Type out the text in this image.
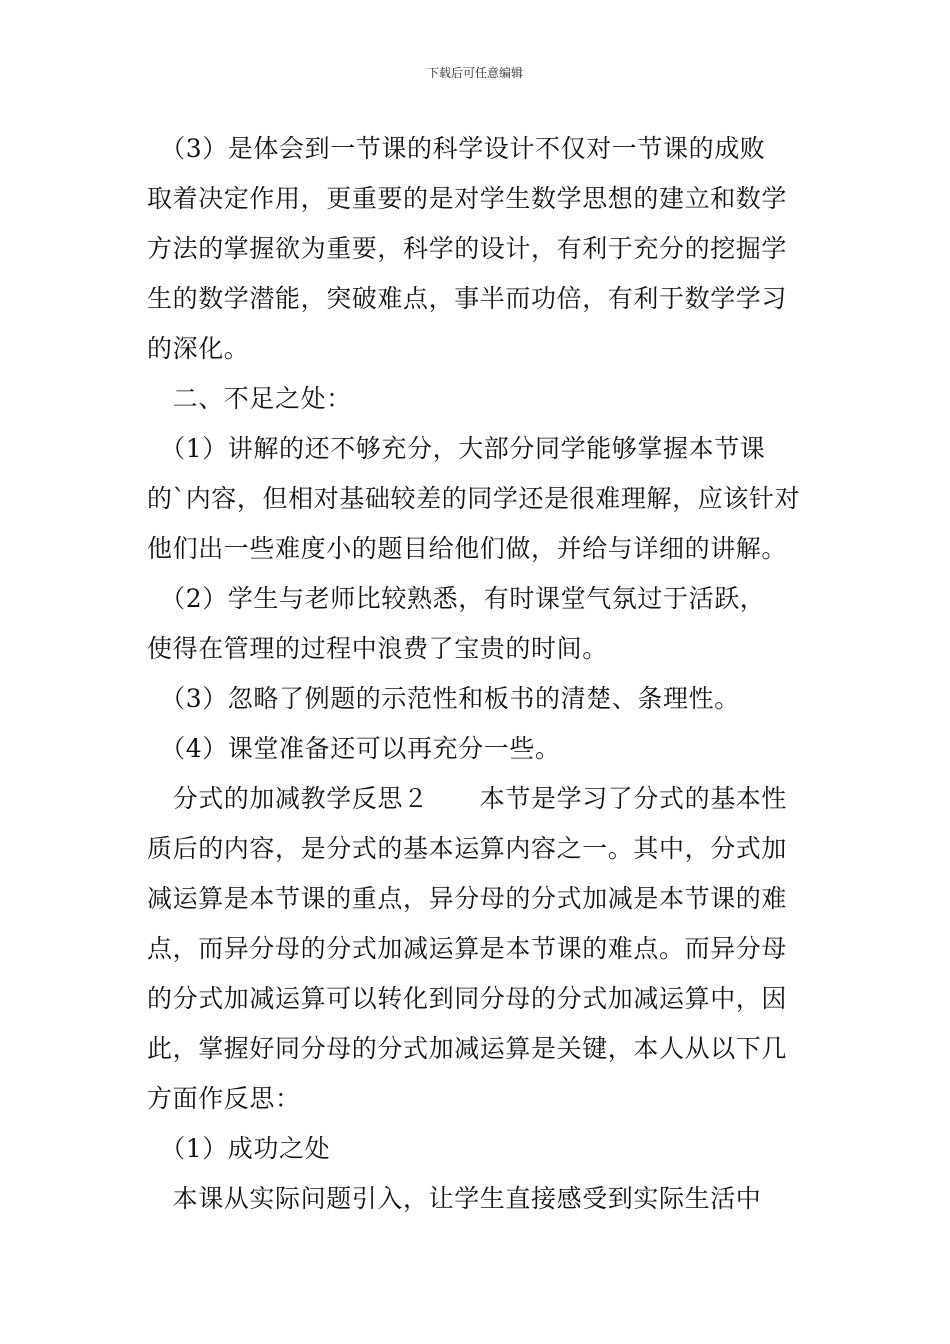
下载后可任意编辑
　（3）是体会到一节课的科学设计不仅对一节课的成败
取着决定作用，更重要的是对学生数学思想的建立和数学
方法的掌握欲为重要，科学的设计，有利于充分的挖掘学
生的数学潜能，突破难点，事半而功倍，有利于数学学习
的深化。
　二、不足之处：
　（1）讲解的还不够充分，大部分同学能够掌握本节课
的`内容，但相对基础较差的同学还是很难理解，应该针对
他们出一些难度小的题目给他们做，并给与详细的讲解。
　（2）学生与老师比较熟悉，有时课堂气氛过于活跃，
使得在管理的过程中浪费了宝贵的时间。
　（3）忽略了例题的示范性和板书的清楚、条理性。
　（4）课堂准备还可以再充分一些。
　分式的加减教学反思２　　本节是学习了分式的基本性
质后的内容，是分式的基本运算内容之一。其中，分式加
减运算是本节课的重点，异分母的分式加减是本节课的难
点，而异分母的分式加减运算是本节课的难点。而异分母
的分式加减运算可以转化到同分母的分式加减运算中，因
此，掌握好同分母的分式加减运算是关键，本人从以下几
方面作反思：
　（1）成功之处
　本课从实际问题引入，让学生直接感受到实际生活中
